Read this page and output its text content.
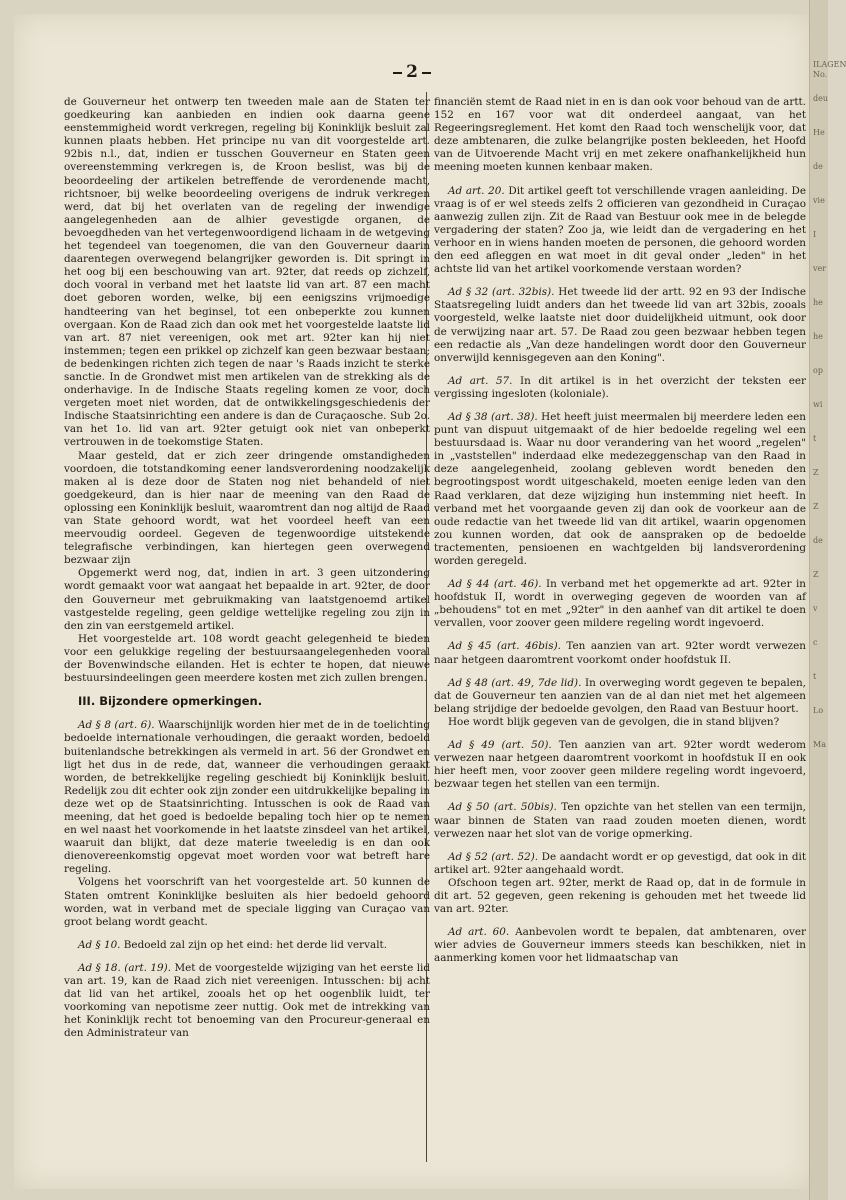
2

de Gouverneur het ontwerp ten tweeden male aan de Staten ter goedkeuring kan aanbieden en indien ook daarna geene eenstemmigheid wordt verkregen, regeling bij Koninklijk besluit zal kunnen plaats hebben. Het principe nu van dit voorgestelde art. 92bis n.l., dat, indien er tusschen Gouverneur en Staten geen overeenstemming verkregen is, de Kroon beslist, was bij de beoordeeling der artikelen betreffende de verordenende macht, richtsnoer, bij welke beoordeeling overigens de indruk verkregen werd, dat bij het overlaten van de regeling der inwendige aangelegenheden aan de alhier gevestigde organen, de bevoegdheden van het vertegenwoordigend lichaam in de wetgeving het tegendeel van toegenomen, die van den Gouverneur daarin daarentegen overwegend belangrijker geworden is. Dit springt in het oog bij een beschouwing van art. 92ter, dat reeds op zichzelf, doch vooral in verband met het laatste lid van art. 87 een macht doet geboren worden, welke, bij een eenigszins vrijmoedige handteering van het beginsel, tot een onbeperkte zou kunnen overgaan. Kon de Raad zich dan ook met het voorgestelde laatste lid van art. 87 niet vereenigen, ook met art. 92ter kan hij niet instemmen; tegen een prikkel op zichzelf kan geen bezwaar bestaan; de bedenkingen richten zich tegen de naar 's Raads inzicht te sterke sanctie. In de Grondwet mist men artikelen van de strekking als de onderhavige. In de Indische Staats regeling komen ze voor, doch vergeten moet niet worden, dat de ontwikkelingsgeschiedenis der Indische Staatsinrichting een andere is dan de Curaçaosche. Sub 2o. van het 1o. lid van art. 92ter getuigt ook niet van onbeperkt vertrouwen in de toekomstige Staten.

Maar gesteld, dat er zich zeer dringende omstandigheden voordoen, die totstandkoming eener landsverordening noodzakelijk maken al is deze door de Staten nog niet behandeld of niet goedgekeurd, dan is hier naar de meening van den Raad de oplossing een Koninklijk besluit, waaromtrent dan nog altijd de Raad van State gehoord wordt, wat het voordeel heeft van een meervoudig oordeel. Gegeven de tegenwoordige uitstekende telegrafische verbindingen, kan hiertegen geen overwegend bezwaar zijn

Opgemerkt werd nog, dat, indien in art. 3 geen uitzondering wordt gemaakt voor wat aangaat het bepaalde in art. 92ter, de door den Gouverneur met gebruikmaking van laatstgenoemd artikel vastgestelde regeling, geen geldige wettelijke regeling zou zijn in den zin van eerstgemeld artikel.

Het voorgestelde art. 108 wordt geacht gelegenheid te bieden voor een gelukkige regeling der bestuursaangelegenheden vooral der Bovenwindsche eilanden. Het is echter te hopen, dat nieuwe bestuursindeelingen geen meerdere kosten met zich zullen brengen.

III. Bijzondere opmerkingen.

Ad § 8 (art. 6). Waarschijnlijk worden hier met de in de toelichting bedoelde internationale verhoudingen, die geraakt worden, bedoeld buitenlandsche betrekkingen als vermeld in art. 56 der Grondwet en ligt het dus in de rede, dat, wanneer die verhoudingen geraakt worden, de betrekkelijke regeling geschiedt bij Koninklijk besluit. Redelijk zou dit echter ook zijn zonder een uitdrukkelijke bepaling in deze wet op de Staatsinrichting. Intusschen is ook de Raad van meening, dat het goed is bedoelde bepaling toch hier op te nemen en wel naast het voorkomende in het laatste zinsdeel van het artikel, waaruit dan blijkt, dat deze materie tweeledig is en dan ook dienovereenkomstig opgevat moet worden voor wat betreft hare regeling.

Volgens het voorschrift van het voorgestelde art. 50 kunnen de Staten omtrent Koninklijke besluiten als hier bedoeld gehoord worden, wat in verband met de speciale ligging van Curaçao van groot belang wordt geacht.

Ad § 10. Bedoeld zal zijn op het eind: het derde lid vervalt.

Ad § 18. (art. 19). Met de voorgestelde wijziging van het eerste lid van art. 19, kan de Raad zich niet vereenigen. Intusschen: bij acht dat lid van het artikel, zooals het op het oogenblik luidt, ter voorkoming van nepotisme zeer nuttig. Ook met de intrekking van het Koninklijk recht tot benoeming van den Procureur-generaal en den Administrateur van

financiën stemt de Raad niet in en is dan ook voor behoud van de artt. 152 en 167 voor wat dit onderdeel aangaat, van het Regeeringsreglement. Het komt den Raad toch wenschelijk voor, dat deze ambtenaren, die zulke belangrijke posten bekleeden, het Hoofd van de Uitvoerende Macht vrij en met zekere onafhankelijkheid hun meening moeten kunnen kenbaar maken.

Ad art. 20. Dit artikel geeft tot verschillende vragen aanleiding. De vraag is of er wel steeds zelfs 2 officieren van gezondheid in Curaçao aanwezig zullen zijn. Zit de Raad van Bestuur ook mee in de belegde vergadering der staten? Zoo ja, wie leidt dan de vergadering en het verhoor en in wiens handen moeten de personen, die gehoord worden den eed afleggen en wat moet in dit geval onder „leden" in het achtste lid van het artikel voorkomende verstaan worden?

Ad § 32 (art. 32bis). Het tweede lid der artt. 92 en 93 der Indische Staatsregeling luidt anders dan het tweede lid van art 32bis, zooals voorgesteld, welke laatste niet door duidelijkheid uitmunt, ook door de verwijzing naar art. 57. De Raad zou geen bezwaar hebben tegen een redactie als „Van deze handelingen wordt door den Gouverneur onverwijld kennisgegeven aan den Koning".

Ad art. 57. In dit artikel is in het overzicht der teksten eer vergissing ingesloten (koloniale).

Ad § 38 (art. 38). Het heeft juist meermalen bij meerdere leden een punt van dispuut uitgemaakt of de hier bedoelde regeling wel een bestuursdaad is. Waar nu door verandering van het woord „regelen" in „vaststellen" inderdaad elke medezeggenschap van den Raad in deze aangelegenheid, zoolang gebleven wordt beneden den begrootingspost wordt uitgeschakeld, moeten eenige leden van den Raad verklaren, dat deze wijziging hun instemming niet heeft. In verband met het voorgaande geven zij dan ook de voorkeur aan de oude redactie van het tweede lid van dit artikel, waarin opgenomen zou kunnen worden, dat ook de aanspraken op de bedoelde tractementen, pensioenen en wachtgelden bij landsverordening worden geregeld.

Ad § 44 (art. 46). In verband met het opgemerkte ad art. 92ter in hoofdstuk II, wordt in overweging gegeven de woorden van af „behoudens" tot en met „92ter" in den aanhef van dit artikel te doen vervallen, voor zoover geen mildere regeling wordt ingevoerd.

Ad § 45 (art. 46bis). Ten aanzien van art. 92ter wordt verwezen naar hetgeen daaromtrent voorkomt onder hoofdstuk II.

Ad § 48 (art. 49, 7de lid). In overweging wordt gegeven te bepalen, dat de Gouverneur ten aanzien van de al dan niet met het algemeen belang strijdige der bedoelde gevolgen, den Raad van Bestuur hoort.

Hoe wordt blijk gegeven van de gevolgen, die in stand blijven?

Ad § 49 (art. 50). Ten aanzien van art. 92ter wordt wederom verwezen naar hetgeen daaromtrent voorkomt in hoofdstuk II en ook hier heeft men, voor zoover geen mildere regeling wordt ingevoerd, bezwaar tegen het stellen van een termijn.

Ad § 50 (art. 50bis). Ten opzichte van het stellen van een termijn, waar binnen de Staten van raad zouden moeten dienen, wordt verwezen naar het slot van de vorige opmerking.

Ad § 52 (art. 52). De aandacht wordt er op gevestigd, dat ook in dit artikel art. 92ter aangehaald wordt.

Ofschoon tegen art. 92ter, merkt de Raad op, dat in de formule in dit art. 52 gegeven, geen rekening is gehouden met het tweede lid van art. 92ter.

Ad art. 60. Aanbevolen wordt te bepalen, dat ambtenaren, over wier advies de Gouverneur immers steeds kan beschikken, niet in aanmerking komen voor het lidmaatschap van

ILAGEN No.
deu
He
de
vie
I
ver
he
he
op
wi
t
Z
Z
de
Z
v
c
t
Lo
Ma
